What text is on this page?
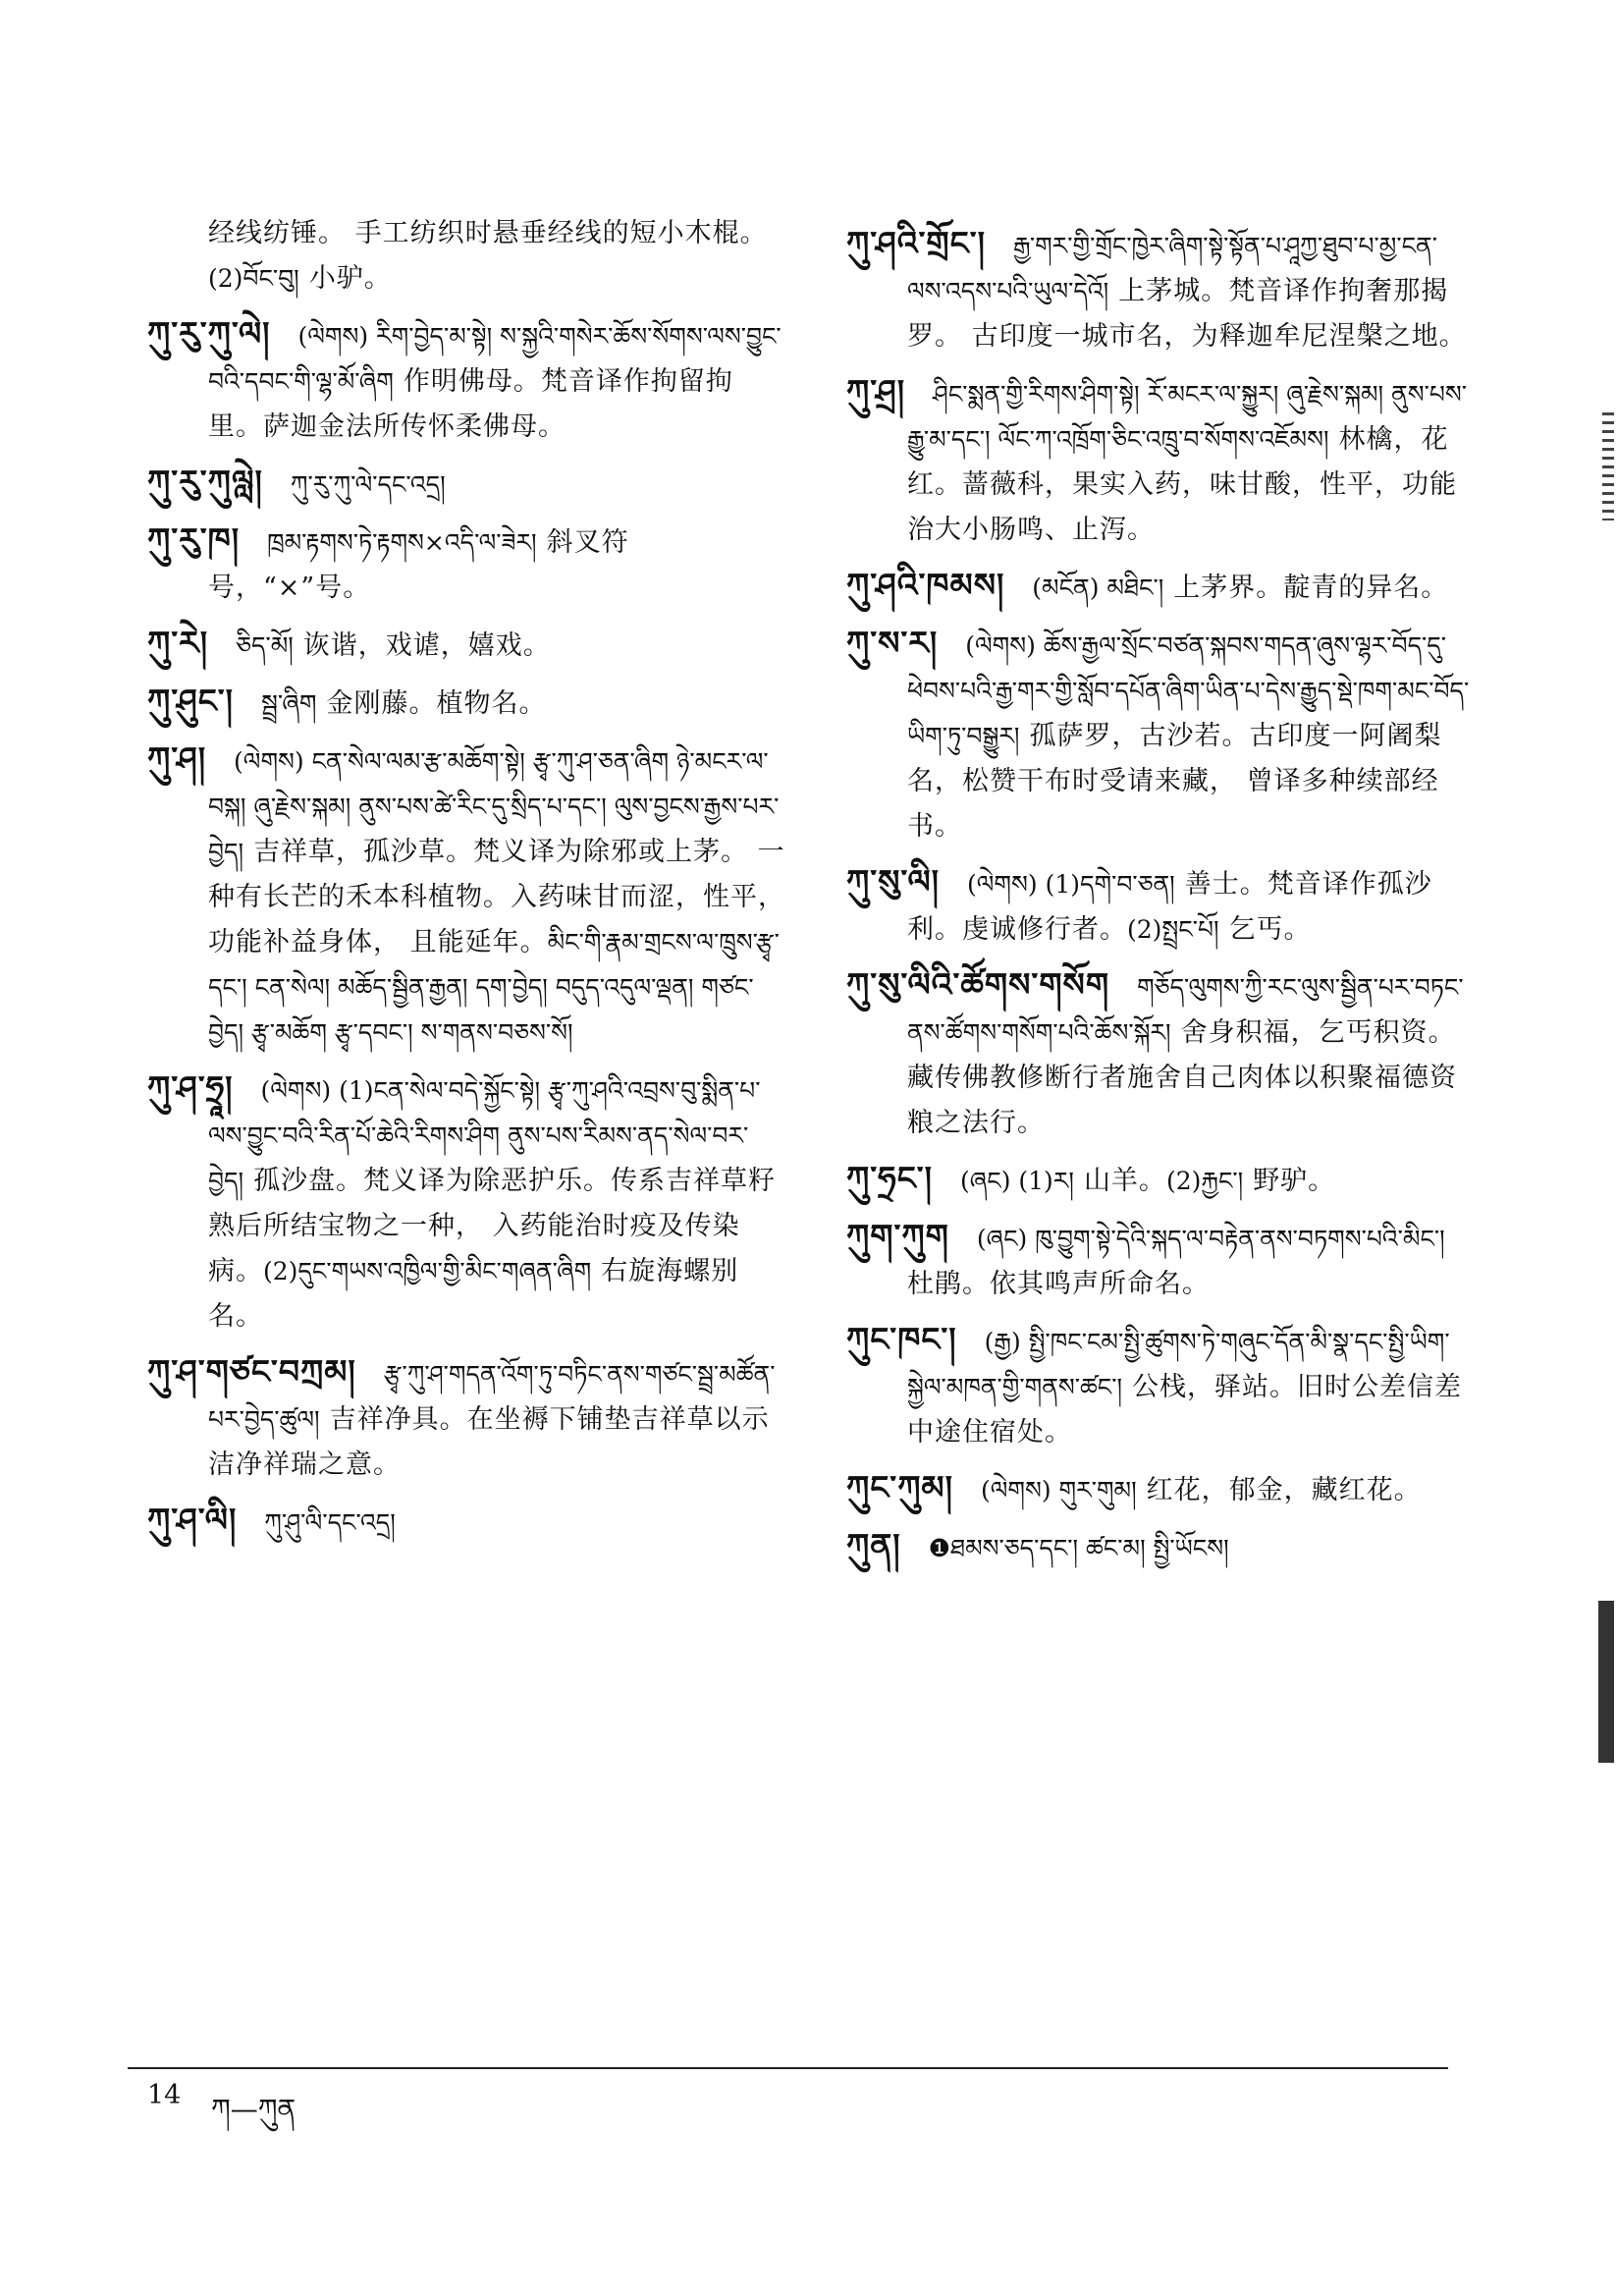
经线纺锤。 手工纺织时悬垂经线的短小木棍。(2)བོང་བུ། 小驴。
ཀུ་རུ་ཀུ་ལེ། (ལེགས) རིག་བྱེད་མ་སྟེ། ས་སྐྱའི་གསེར་ཆོས་སོགས་ལས་བྱུང་བའི་དབང་གི་ལྷ་མོ་ཞིག 作明佛母。梵音译作拘留拘里。萨迦金法所传怀柔佛母。
ཀུ་རུ་ཀུལླེ། ཀུ་རུ་ཀུ་ལེ་དང་འདྲ།
ཀུ་རུ་ཁ། ཁྲམ་རྟགས་ཏེ་རྟགས×འདི་ལ་ཟེར། 斜叉符号，“×”号。
ཀུ་རེ། ཅིད་མོ། 诙谐，戏谑，嬉戏。
ཀུ་ཤུང་། སྦྲ་ཞིག 金刚藤。植物名。
ཀུ་ཤ། (ལེགས) ངན་སེལ་ལམ་རྩ་མཆོག་སྟེ། རྩྭ་ཀུ་ཤ་ཅན་ཞིག ཉེ་མངར་ལ་བསྐ། ཞུ་རྗེས་སྐམ། ནུས་པས་ཚེ་རིང་དུ་སྲིད་པ་དང་། ལུས་བྱངས་རྒྱས་པར་བྱེད། 吉祥草，孤沙草。梵义译为除邪或上茅。 一种有长芒的禾本科植物。入药味甘而涩，性平，功能补益身体， 且能延年。མིང་གི་རྣམ་གྲངས་ལ་ཁྲུས་རྩྭ་དང་། ངན་སེལ། མཆོད་སྦྱིན་རྒྱན། དག་བྱེད། བདུད་འདུལ་ལྡན། གཙང་བྱེད། རྩྭ་མཆོག རྩྭ་དབང་། ས་གནས་བཅས་སོ།
ཀུ་ཤ་ཧྲཱ། (ལེགས) (1)ངན་སེལ་བདེ་སྐྱོང་སྟེ། རྩྭ་ཀུ་ཤའི་འབྲས་བུ་སྨིན་པ་ལས་བྱུང་བའི་རིན་པོ་ཆེའི་རིགས་ཤིག ནུས་པས་རིམས་ནད་སེལ་བར་བྱེད། 孤沙盘。梵义译为除恶护乐。传系吉祥草籽熟后所结宝物之一种， 入药能治时疫及传染病。(2)དུང་གཡས་འཁྱིལ་གྱི་མིང་གཞན་ཞིག 右旋海螺别名。
ཀུ་ཤ་གཙང་བཀྲམ། རྩྭ་ཀུ་ཤ་གདན་འོག་ཏུ་བཏིང་ནས་གཙང་སྦྲ་མཚོན་པར་བྱེད་ཚུལ། 吉祥净具。在坐褥下铺垫吉祥草以示洁净祥瑞之意。
ཀུ་ཤ་ལི། ཀུ་ཤུ་ལི་དང་འདྲ།
ཀུ་ཤའི་གྲོང་། རྒྱ་གར་གྱི་གྲོང་ཁྱེར་ཞིག་སྟེ་སྟོན་པ་ཤཱཀྱ་ཐུབ་པ་མྱ་ངན་ལས་འདས་པའི་ཡུལ་དེའོ། 上茅城。梵音译作拘奢那揭罗。 古印度一城市名，为释迦牟尼涅槃之地。
ཀུ་ཤྲ། ཤིང་སྨན་གྱི་རིགས་ཤིག་སྟེ། རོ་མངར་ལ་སྐྱུར། ཞུ་རྗེས་སྐམ། ནུས་པས་རྒྱུ་མ་དང་། ལོང་ཀ་འཁྲོག་ཅིང་འཁྲུ་བ་སོགས་འཇོམས། 林檎，花红。蔷薇科，果实入药，味甘酸，性平，功能治大小肠鸣、止泻。
ཀུ་ཤའི་ཁམས། (མངོན) མཐིང་། 上茅界。靛青的异名。
ཀུ་ས་ར། (ལེགས) ཆོས་རྒྱལ་སྲོང་བཙན་སྐབས་གདན་ཞུས་ལྷར་བོད་དུ་ཕེབས་པའི་རྒྱ་གར་གྱི་སློབ་དཔོན་ཞིག་ཡིན་པ་དེས་རྒྱུད་སྡེ་ཁག་མང་བོད་ཡིག་ཏུ་བསྒྱུར། 孤萨罗，古沙若。古印度一阿阇梨名，松赞干布时受请来藏， 曾译多种续部经书。
ཀུ་སུ་ལི། (ལེགས) (1)དགེ་བ་ཅན། 善士。梵音译作孤沙利。虔诚修行者。(2)སྤྲང་པོ། 乞丐。
ཀུ་སུ་ལིའི་ཚོགས་གསོག གཅོད་ལུགས་ཀྱི་རང་ལུས་སྦྱིན་པར་བཏང་ནས་ཚོགས་གསོག་པའི་ཆོས་སྐོར། 舍身积福，乞丐积资。藏传佛教修断行者施舍自己肉体以积聚福德资粮之法行。
ཀུ་ཧྲང་། (ཞང) (1)ར། 山羊。(2)རྐྱང་། 野驴。
ཀུག་ཀུག (ཞང) ཁུ་བྱུག་སྟེ་དེའི་སྐད་ལ་བརྟེན་ནས་བཏགས་པའི་མིང་།杜鹃。依其鸣声所命名。
ཀུང་ཁང་། (རྒྱ) སྤྱི་ཁང་ངམ་སྤྱི་ཚུགས་ཏེ་གཞུང་དོན་མི་སྣ་དང་སྤྱི་ཡིག་སྐྱེལ་མཁན་གྱི་གནས་ཚང་། 公栈，驿站。旧时公差信差中途住宿处。
ཀུང་ཀུམ། (ལེགས) གུར་གུམ། 红花，郁金，藏红花。
ཀུན། ❶ཐམས་ཅད་དང་། ཚང་མ། སྤྱི་ཡོངས།
14 ཀ—ཀུན
